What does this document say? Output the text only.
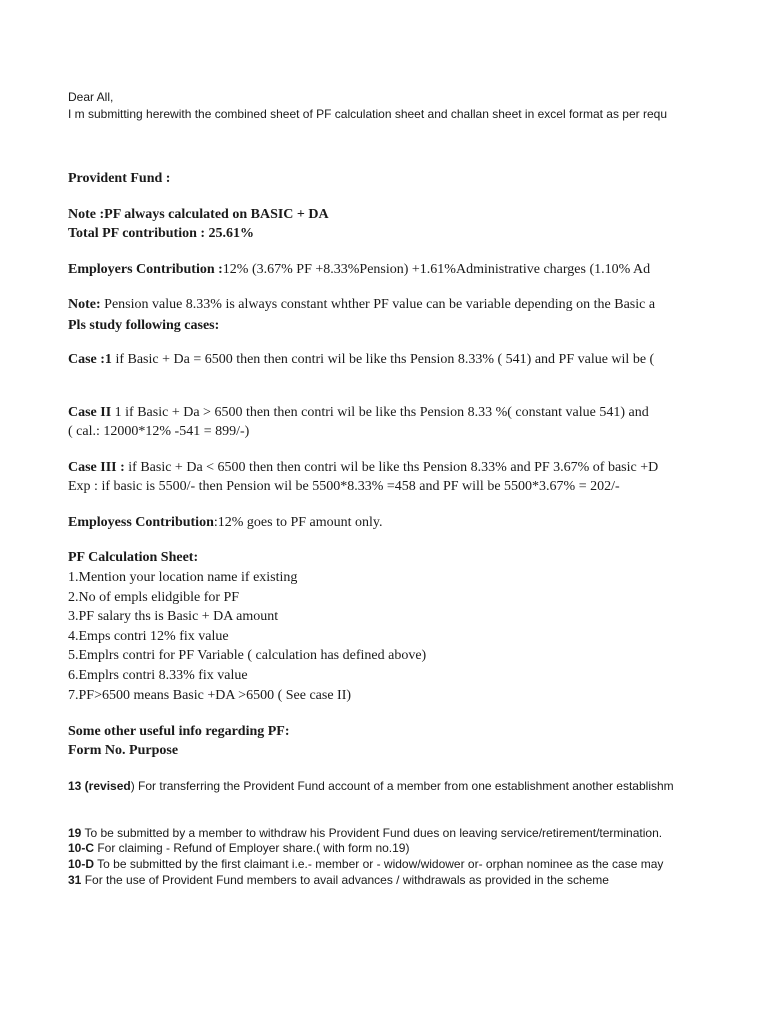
Dear All,
I m submitting herewith the combined sheet of PF calculation sheet and challan sheet in excel format as per requ
Provident Fund :
Note :PF always calculated on BASIC + DA
Total PF contribution : 25.61%
Employers Contribution :12% (3.67% PF +8.33%Pension) +1.61%Administrative charges (1.10% Ad
Note: Pension value 8.33% is always constant whther PF value can be variable depending on the Basic a
Pls study following cases:
Case :1 if Basic + Da = 6500 then then contri wil be like ths Pension 8.33% ( 541) and PF value wil be (
Case II 1 if Basic + Da > 6500 then then contri wil be like ths Pension 8.33 %( constant value 541) and
( cal.: 12000*12% -541 = 899/-)
Case III : if Basic + Da < 6500 then then contri wil be like ths Pension 8.33% and PF 3.67% of basic +D
Exp : if basic is 5500/- then Pension wil be 5500*8.33% =458 and PF will be 5500*3.67% = 202/-
Employess Contribution:12% goes to PF amount only.
PF Calculation Sheet:
1.Mention your location name if existing
2.No of empls elidgible for PF
3.PF salary ths is Basic + DA amount
4.Emps contri 12% fix value
5.Emplrs contri for PF Variable ( calculation has defined above)
6.Emplrs contri 8.33% fix value
7.PF>6500 means Basic +DA >6500 ( See case II)
Some other useful info regarding PF:
Form No. Purpose
13 (revised) For transferring the Provident Fund account of a member from one establishment another establishm
19 To be submitted by a member to withdraw his Provident Fund dues on leaving service/retirement/termination.
10-C For claiming - Refund of Employer share.( with form no.19)
10-D To be submitted by the first claimant i.e.- member or - widow/widower or- orphan nominee as the case may
31 For the use of Provident Fund members to avail advances / withdrawals as provided in the scheme
